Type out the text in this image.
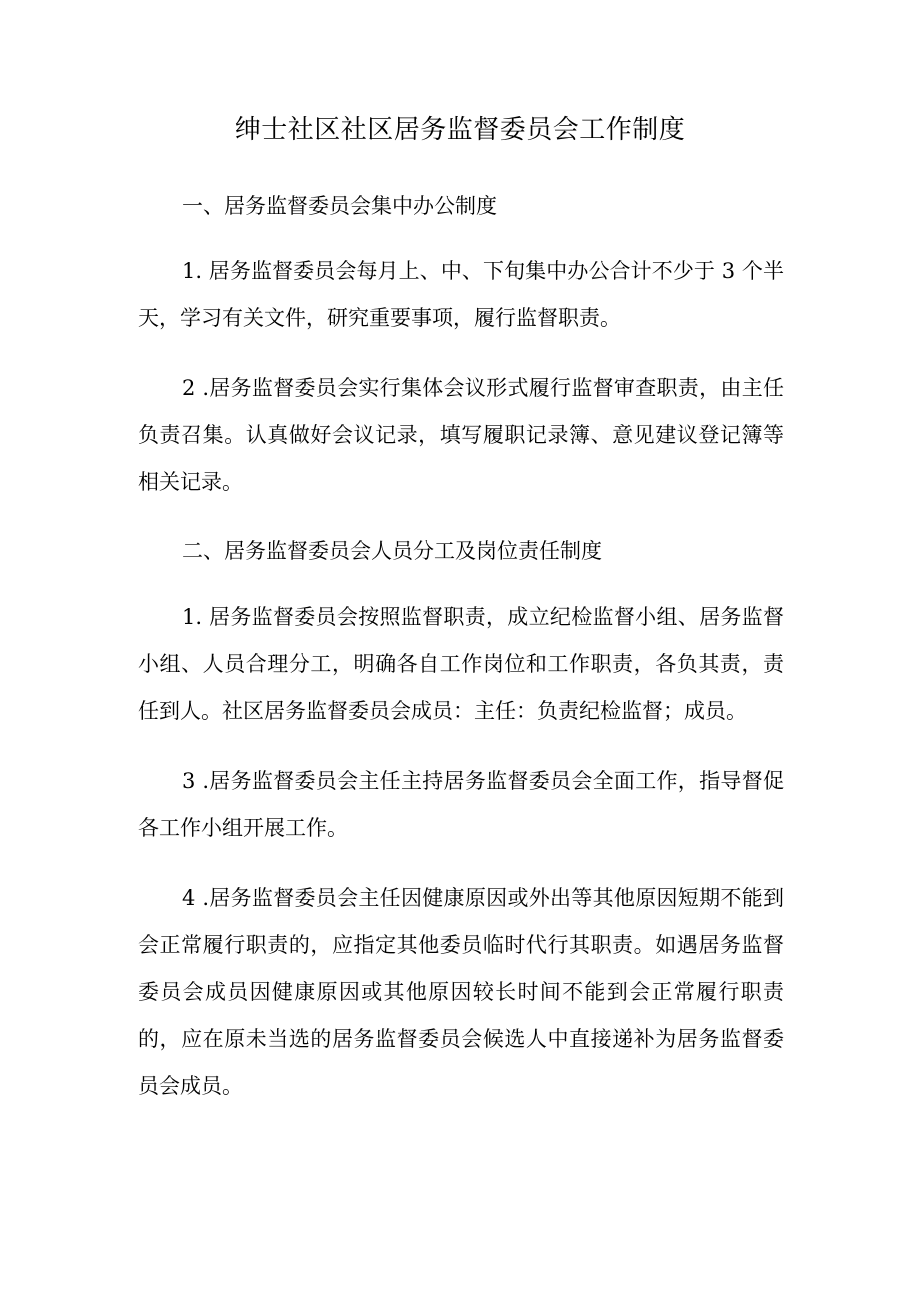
绅士社区社区居务监督委员会工作制度

一、居务监督委员会集中办公制度

1. 居务监督委员会每月上、中、下旬集中办公合计不少于 3 个半天，学习有关文件，研究重要事项，履行监督职责。

2 .居务监督委员会实行集体会议形式履行监督审查职责，由主任负责召集。认真做好会议记录，填写履职记录簿、意见建议登记簿等相关记录。

二、居务监督委员会人员分工及岗位责任制度

1. 居务监督委员会按照监督职责，成立纪检监督小组、居务监督小组、人员合理分工，明确各自工作岗位和工作职责，各负其责，责任到人。社区居务监督委员会成员：主任：负责纪检监督；成员。

3 .居务监督委员会主任主持居务监督委员会全面工作，指导督促各工作小组开展工作。

4 .居务监督委员会主任因健康原因或外出等其他原因短期不能到会正常履行职责的，应指定其他委员临时代行其职责。如遇居务监督委员会成员因健康原因或其他原因较长时间不能到会正常履行职责的，应在原未当选的居务监督委员会候选人中直接递补为居务监督委员会成员。
